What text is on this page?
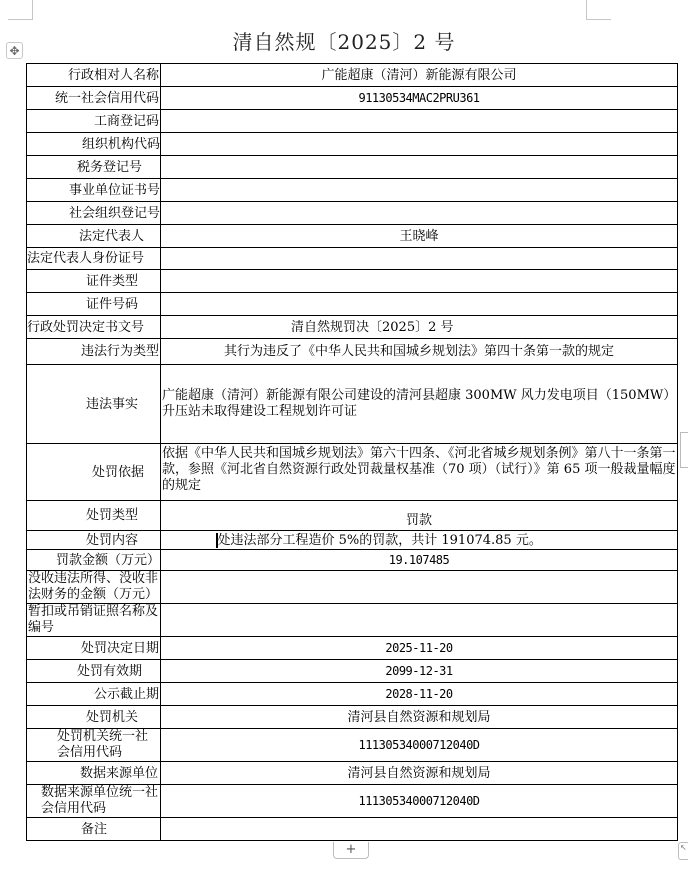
清自然规〔2025〕2 号
✥
行政相对人名称	广能超康（清河）新能源有限公司
统一社会信用代码	91130534MAC2PRU361
工商登记码	
组织机构代码	
税务登记号	
事业单位证书号	
社会组织登记号	
法定代表人	王晓峰
法定代表人身份证号	
证件类型	
证件号码	
行政处罚决定书文号	清自然规罚决〔2025〕2 号
违法行为类型	其行为违反了《中华人民共和国城乡规划法》第四十条第一款的规定
违法事实	广能超康（清河）新能源有限公司建设的清河县超康 300MW 风力发电项目（150MW）升压站未取得建设工程规划许可证
处罚依据	依据《中华人民共和国城乡规划法》第六十四条、《河北省城乡规划条例》第八十一条第一款，参照《河北省自然资源行政处罚裁量权基准（70 项）（试行）》第 65 项一般裁量幅度的规定
处罚类型	罚款
处罚内容	处违法部分工程造价 5%的罚款，共计 191074.85 元。
罚款金额（万元）	19.107485
没收违法所得、没收非法财务的金额（万元）	
暂扣或吊销证照名称及编号	
处罚决定日期	2025-11-20
处罚有效期	2099-12-31
公示截止期	2028-11-20
处罚机关	清河县自然资源和规划局
处罚机关统一社会信用代码	11130534000712040D
数据来源单位	清河县自然资源和规划局
数据来源单位统一社会信用代码	11130534000712040D
备注	
+	↖
